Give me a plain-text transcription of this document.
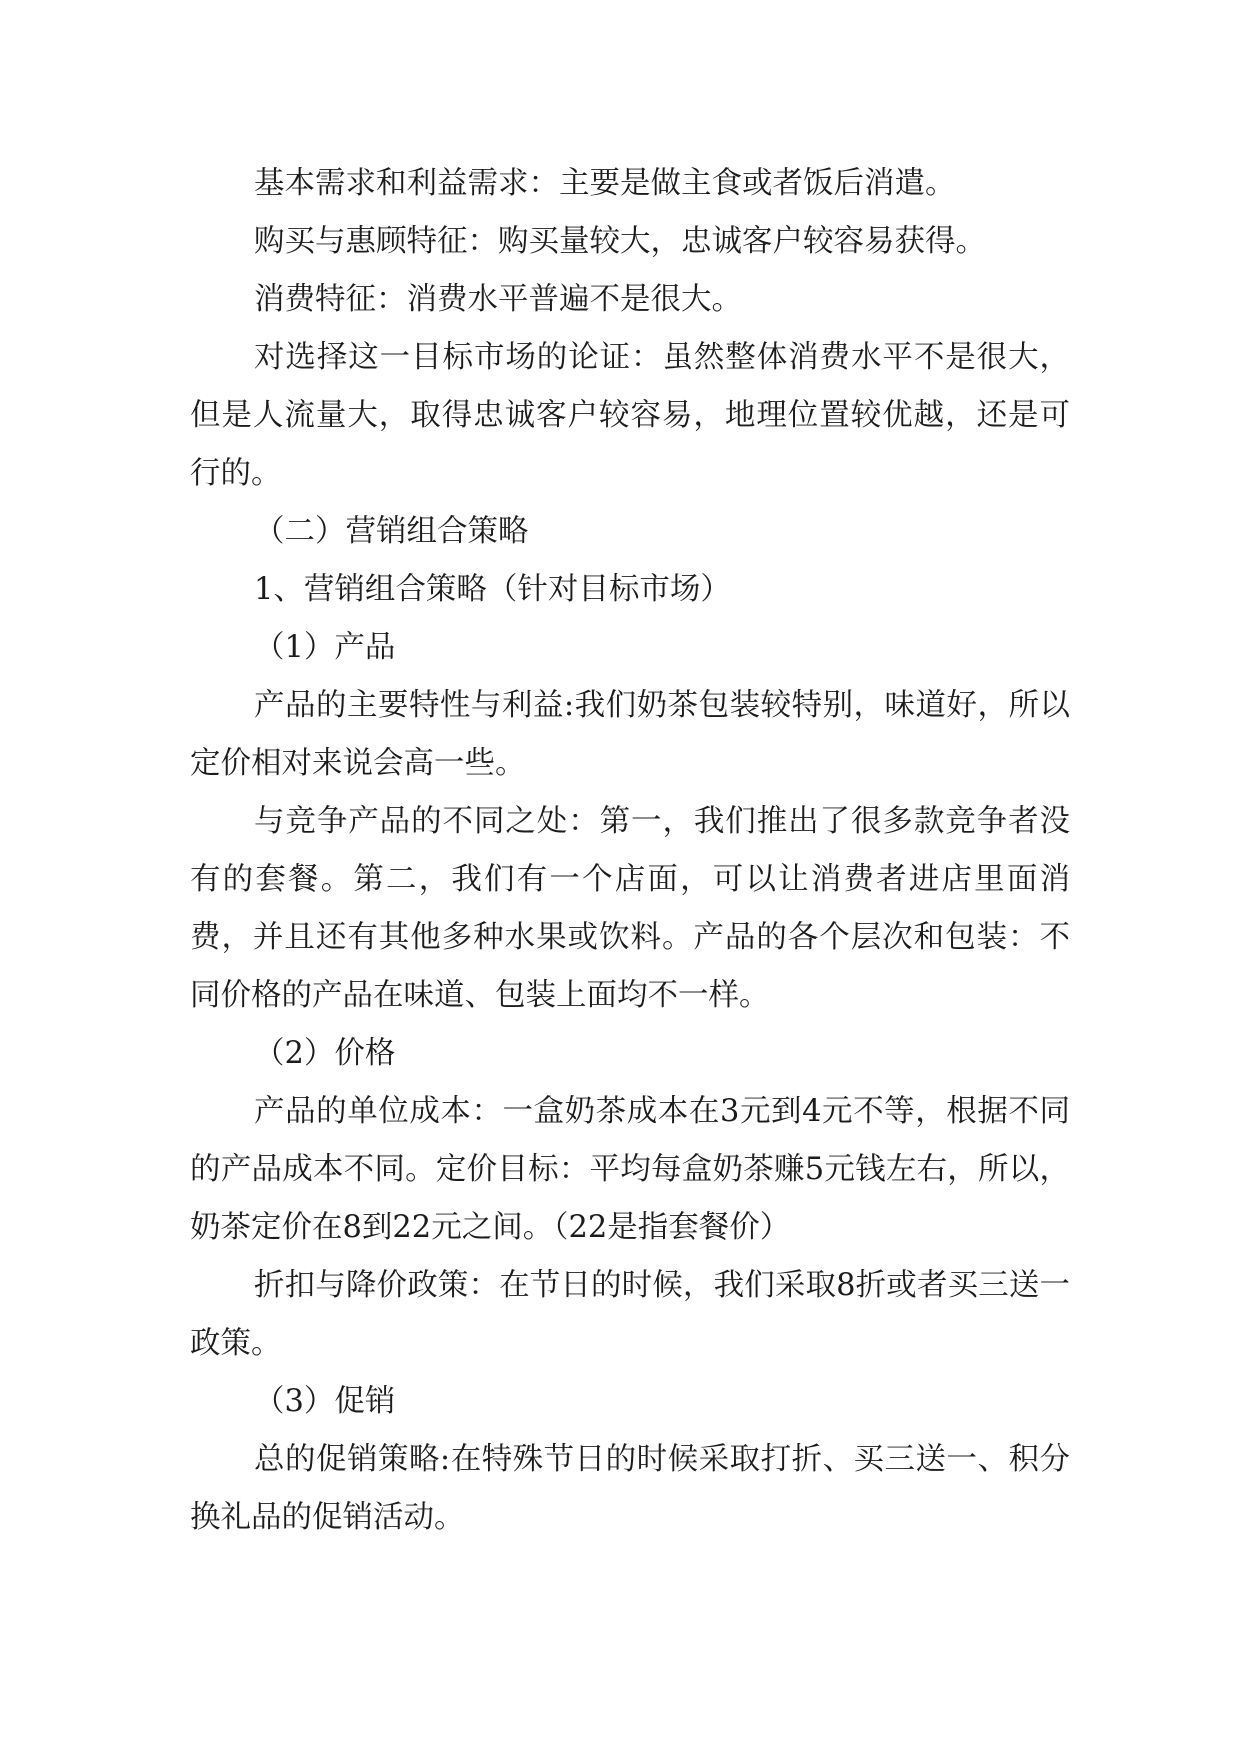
基本需求和利益需求：主要是做主食或者饭后消遣。

购买与惠顾特征：购买量较大，忠诚客户较容易获得。

消费特征：消费水平普遍不是很大。

对选择这一目标市场的论证：虽然整体消费水平不是很大，但是人流量大，取得忠诚客户较容易，地理位置较优越，还是可行的。

（二）营销组合策略

1、营销组合策略（针对目标市场）

（1）产品

产品的主要特性与利益:我们奶茶包装较特别，味道好，所以定价相对来说会高一些。

与竞争产品的不同之处：第一，我们推出了很多款竞争者没有的套餐。第二，我们有一个店面，可以让消费者进店里面消费，并且还有其他多种水果或饮料。产品的各个层次和包装：不同价格的产品在味道、包装上面均不一样。

（2）价格

产品的单位成本：一盒奶茶成本在3元到4元不等，根据不同的产品成本不同。定价目标：平均每盒奶茶赚5元钱左右，所以，奶茶定价在8到22元之间。（22是指套餐价）

折扣与降价政策：在节日的时候，我们采取8折或者买三送一政策。

（3）促销

总的促销策略:在特殊节日的时候采取打折、买三送一、积分换礼品的促销活动。
